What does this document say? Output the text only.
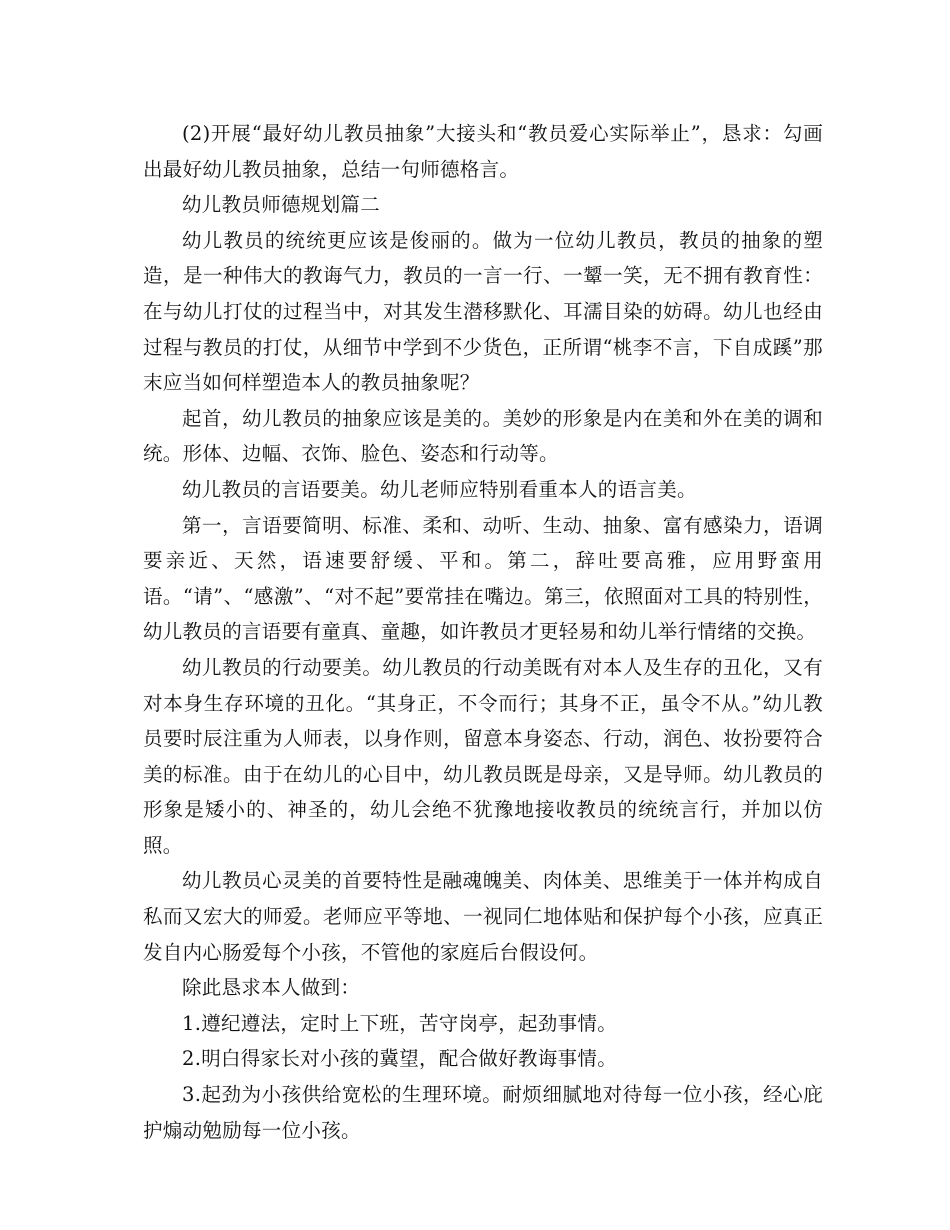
(2)开展“最好幼儿教员抽象”大接头和“教员爱心实际举止”，恳求：勾画出最好幼儿教员抽象，总结一句师德格言。

幼儿教员师德规划篇二

幼儿教员的统统更应该是俊丽的。做为一位幼儿教员，教员的抽象的塑造，是一种伟大的教诲气力，教员的一言一行、一颦一笑，无不拥有教育性：在与幼儿打仗的过程当中，对其发生潜移默化、耳濡目染的妨碍。幼儿也经由过程与教员的打仗，从细节中学到不少货色，正所谓“桃李不言，下自成蹊”那末应当如何样塑造本人的教员抽象呢？

起首，幼儿教员的抽象应该是美的。美妙的形象是内在美和外在美的调和统。形体、边幅、衣饰、脸色、姿态和行动等。

幼儿教员的言语要美。幼儿老师应特别看重本人的语言美。

第一，言语要简明、标准、柔和、动听、生动、抽象、富有感染力，语调要亲近、天然，语速要舒缓、平和。第二，辞吐要高雅，应用野蛮用语。“请”、“感激”、“对不起”要常挂在嘴边。第三，依照面对工具的特别性，幼儿教员的言语要有童真、童趣，如许教员才更轻易和幼儿举行情绪的交换。

幼儿教员的行动要美。幼儿教员的行动美既有对本人及生存的丑化，又有对本身生存环境的丑化。“其身正，不令而行；其身不正，虽令不从。”幼儿教员要时辰注重为人师表，以身作则，留意本身姿态、行动，润色、妆扮要符合美的标准。由于在幼儿的心目中，幼儿教员既是母亲，又是导师。幼儿教员的形象是矮小的、神圣的，幼儿会绝不犹豫地接收教员的统统言行，并加以仿照。

幼儿教员心灵美的首要特性是融魂魄美、肉体美、思维美于一体并构成自私而又宏大的师爱。老师应平等地、一视同仁地体贴和保护每个小孩，应真正发自内心肠爱每个小孩，不管他的家庭后台假设何。

除此恳求本人做到：

1.遵纪遵法，定时上下班，苦守岗亭，起劲事情。

2.明白得家长对小孩的冀望，配合做好教诲事情。

3.起劲为小孩供给宽松的生理环境。耐烦细腻地对待每一位小孩，经心庇护煽动勉励每一位小孩。
